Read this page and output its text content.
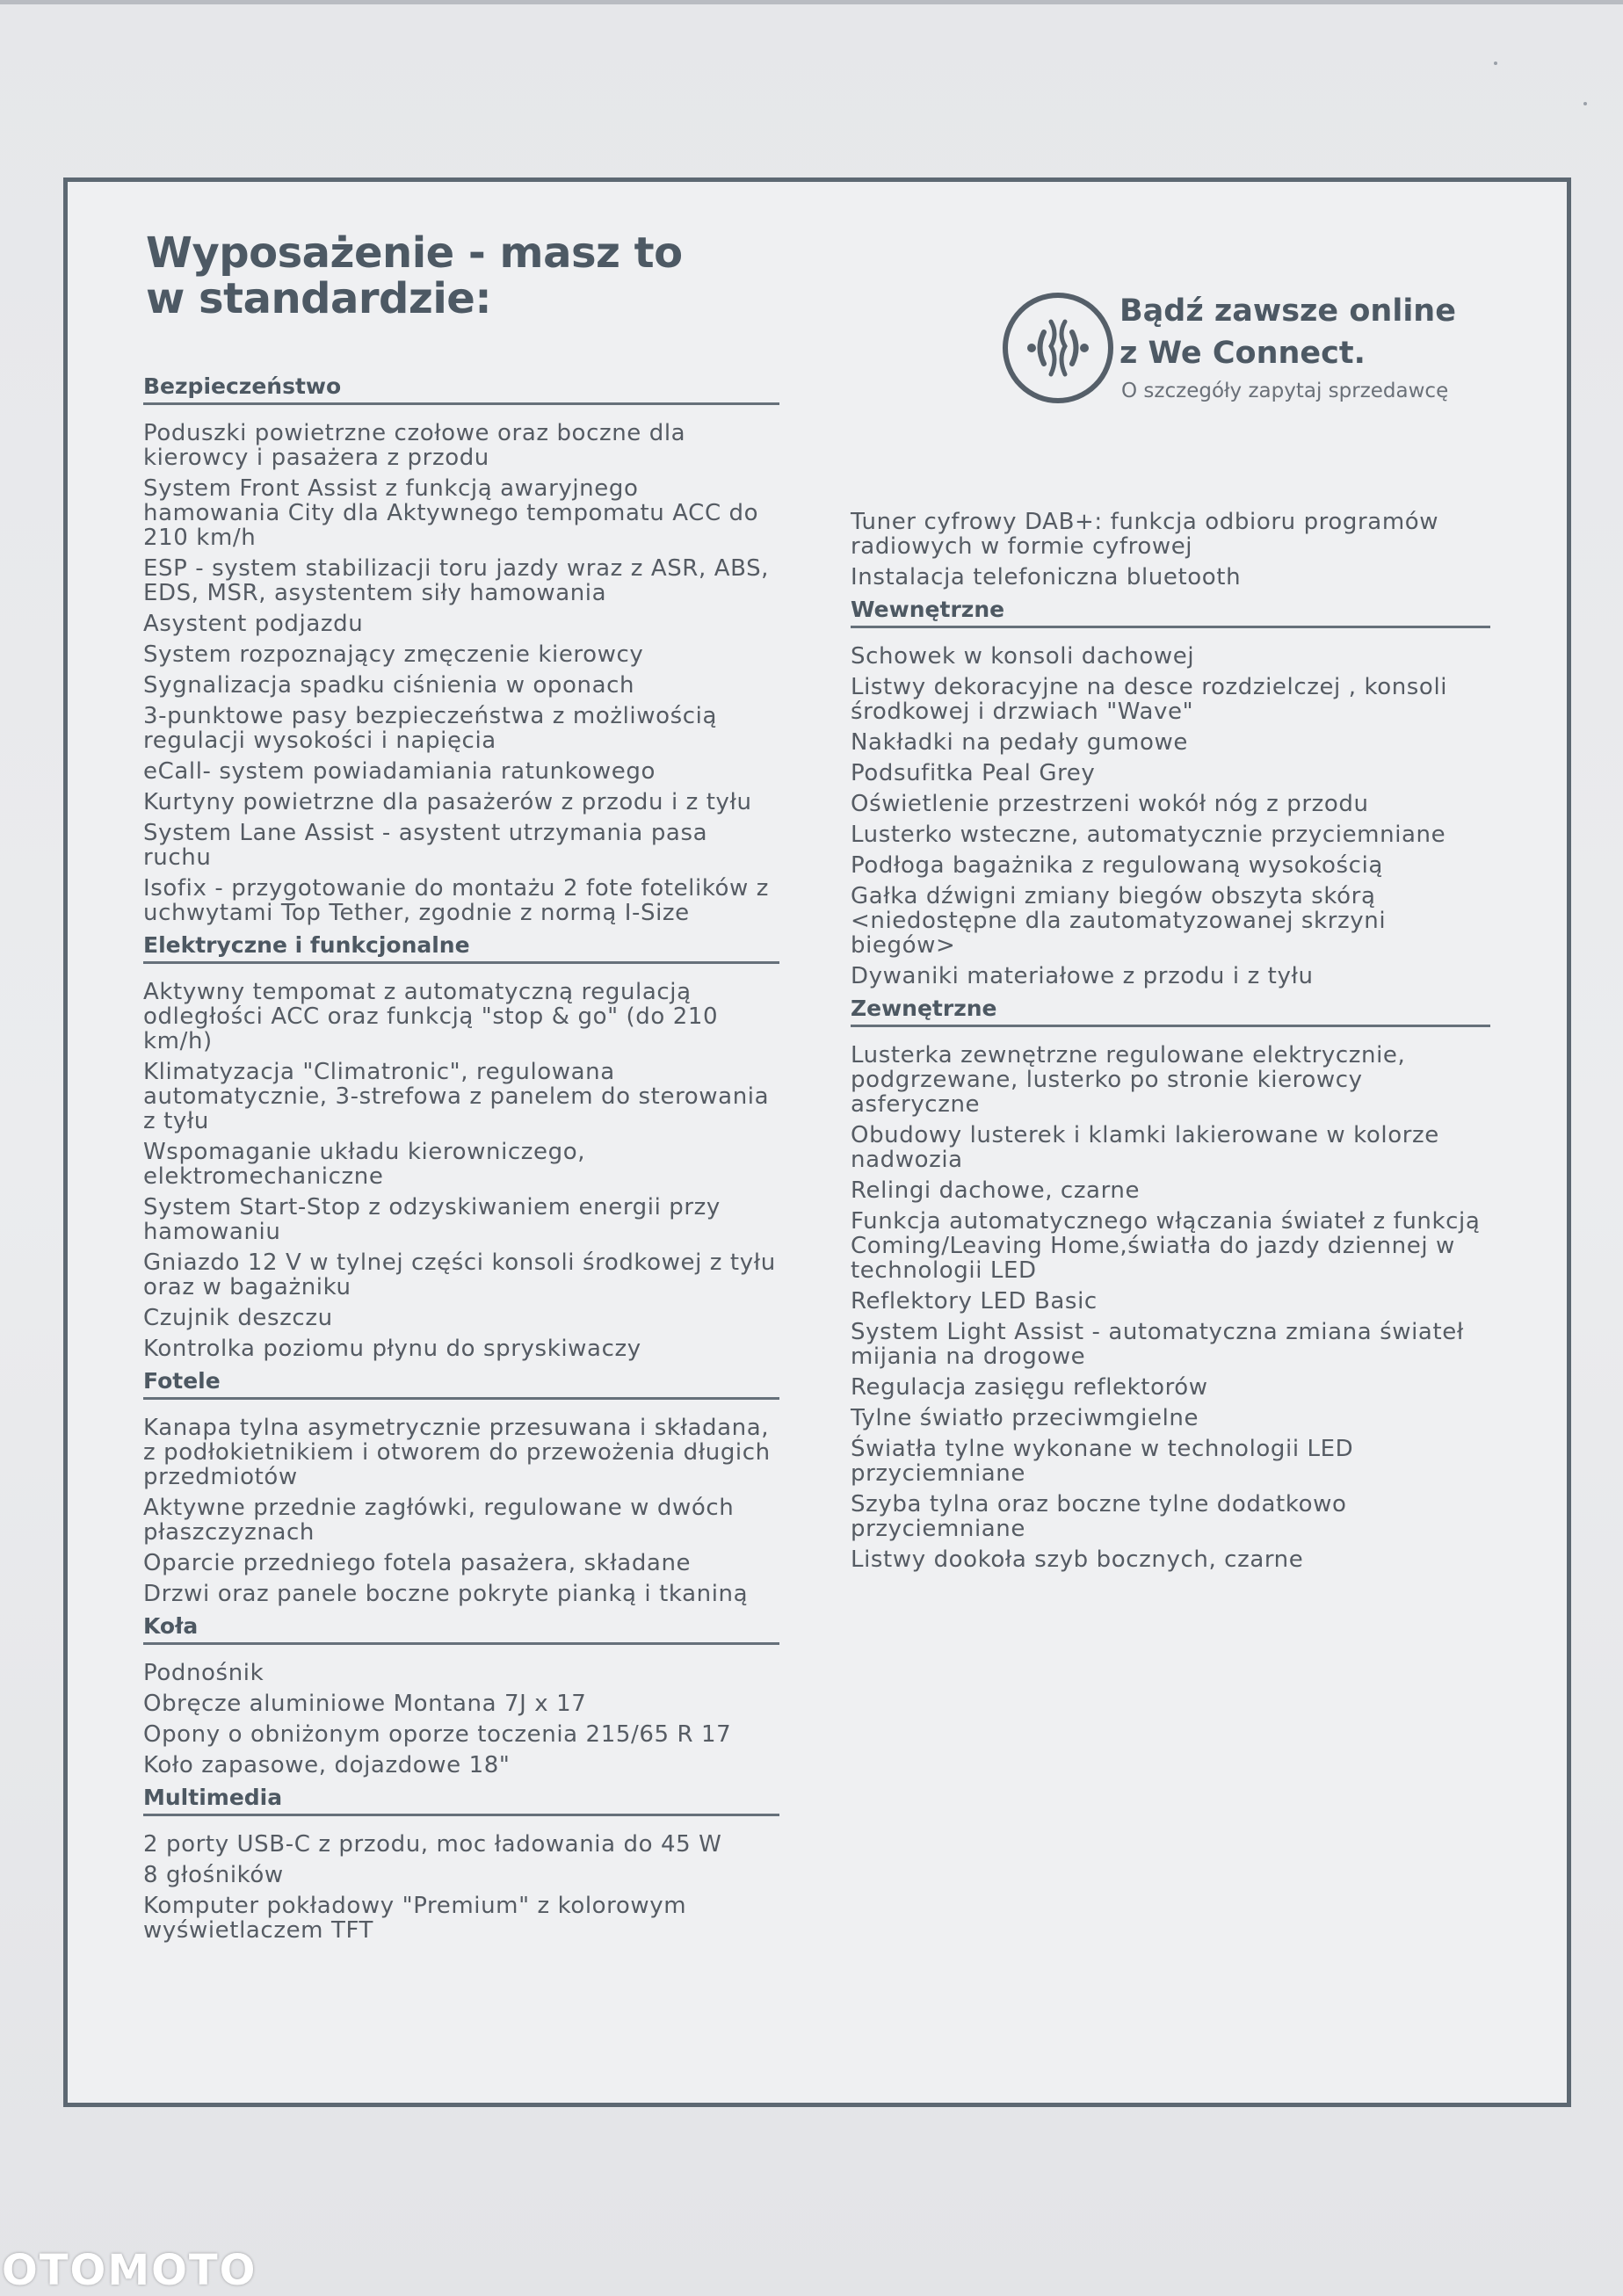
Wyposażenie - masz to
w standardzie:	Bądź zawsze online
z We Connect.
O szczegóły zapytaj sprzedawcę
Bezpieczeństwo
Poduszki powietrzne czołowe oraz boczne dla kierowcy i pasażera z przodu
System Front Assist z funkcją awaryjnego hamowania City dla Aktywnego tempomatu ACC do 210 km/h
ESP - system stabilizacji toru jazdy wraz z ASR, ABS, EDS, MSR, asystentem siły hamowania
Asystent podjazdu
System rozpoznający zmęczenie kierowcy
Sygnalizacja spadku ciśnienia w oponach
3-punktowe pasy bezpieczeństwa z możliwością regulacji wysokości i napięcia
eCall- system powiadamiania ratunkowego
Kurtyny powietrzne dla pasażerów z przodu i z tyłu
System Lane Assist - asystent utrzymania pasa ruchu
Isofix - przygotowanie do montażu 2 fote fotelików z uchwytami Top Tether, zgodnie z normą I-Size
Elektryczne i funkcjonalne
Aktywny tempomat z automatyczną regulacją odległości ACC oraz funkcją "stop & go" (do 210 km/h)
Klimatyzacja "Climatronic", regulowana automatycznie, 3-strefowa z panelem do sterowania z tyłu
Wspomaganie układu kierowniczego, elektromechaniczne
System Start-Stop z odzyskiwaniem energii przy hamowaniu
Gniazdo 12 V w tylnej części konsoli środkowej z tyłu oraz w bagażniku
Czujnik deszczu
Kontrolka poziomu płynu do spryskiwaczy
Fotele
Kanapa tylna asymetrycznie przesuwana i składana, z podłokietnikiem i otworem do przewożenia długich przedmiotów
Aktywne przednie zagłówki, regulowane w dwóch płaszczyznach
Oparcie przedniego fotela pasażera, składane
Drzwi oraz panele boczne pokryte pianką i tkaniną
Koła
Podnośnik
Obręcze aluminiowe Montana 7J x 17
Opony o obniżonym oporze toczenia 215/65 R 17
Koło zapasowe, dojazdowe 18"
Multimedia
2 porty USB-C z przodu, moc ładowania do 45 W
8 głośników
Komputer pokładowy "Premium" z kolorowym wyświetlaczem TFT
Tuner cyfrowy DAB+: funkcja odbioru programów radiowych w formie cyfrowej
Instalacja telefoniczna bluetooth
Wewnętrzne
Schowek w konsoli dachowej
Listwy dekoracyjne na desce rozdzielczej , konsoli środkowej i drzwiach "Wave"
Nakładki na pedały gumowe
Podsufitka Peal Grey
Oświetlenie przestrzeni wokół nóg z przodu
Lusterko wsteczne, automatycznie przyciemniane
Podłoga bagażnika z regulowaną wysokością
Gałka dźwigni zmiany biegów obszyta skórą <niedostępne dla zautomatyzowanej skrzyni biegów>
Dywaniki materiałowe z przodu i z tyłu
Zewnętrzne
Lusterka zewnętrzne regulowane elektrycznie, podgrzewane, lusterko po stronie kierowcy asferyczne
Obudowy lusterek i klamki lakierowane w kolorze nadwozia
Relingi dachowe, czarne
Funkcja automatycznego włączania świateł z funkcją Coming/Leaving Home,światła do jazdy dziennej w technologii LED
Reflektory LED Basic
System Light Assist - automatyczna zmiana świateł mijania na drogowe
Regulacja zasięgu reflektorów
Tylne światło przeciwmgielne
Światła tylne wykonane w technologii LED przyciemniane
Szyba tylna oraz boczne tylne dodatkowo przyciemniane
Listwy dookoła szyb bocznych, czarne
OTOMOTO
